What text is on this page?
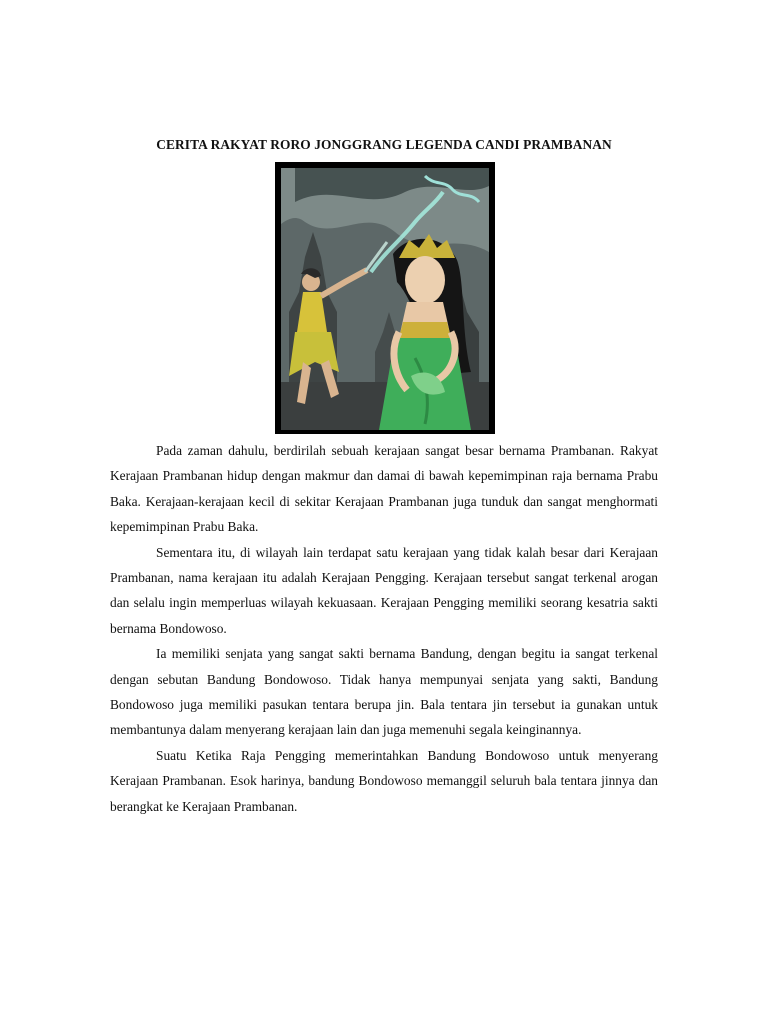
CERITA RAKYAT RORO JONGGRANG LEGENDA CANDI PRAMBANAN

Pada zaman dahulu, berdirilah sebuah kerajaan sangat besar bernama Prambanan. Rakyat Kerajaan Prambanan hidup dengan makmur dan damai di bawah kepemimpinan raja bernama Prabu Baka. Kerajaan-kerajaan kecil di sekitar Kerajaan Prambanan juga tunduk dan sangat menghormati kepemimpinan Prabu Baka.

Sementara itu, di wilayah lain terdapat satu kerajaan yang tidak kalah besar dari Kerajaan Prambanan, nama kerajaan itu adalah Kerajaan Pengging. Kerajaan tersebut sangat terkenal arogan dan selalu ingin memperluas wilayah kekuasaan. Kerajaan Pengging memiliki seorang kesatria sakti bernama Bondowoso.

Ia memiliki senjata yang sangat sakti bernama Bandung, dengan begitu ia sangat terkenal dengan sebutan Bandung Bondowoso. Tidak hanya mempunyai senjata yang sakti, Bandung Bondowoso juga memiliki pasukan tentara berupa jin. Bala tentara jin tersebut ia gunakan untuk membantunya dalam menyerang kerajaan lain dan juga memenuhi segala keinginannya.

Suatu Ketika Raja Pengging memerintahkan Bandung Bondowoso untuk menyerang Kerajaan Prambanan. Esok harinya, bandung Bondowoso memanggil seluruh bala tentara jinnya dan berangkat ke Kerajaan Prambanan.
